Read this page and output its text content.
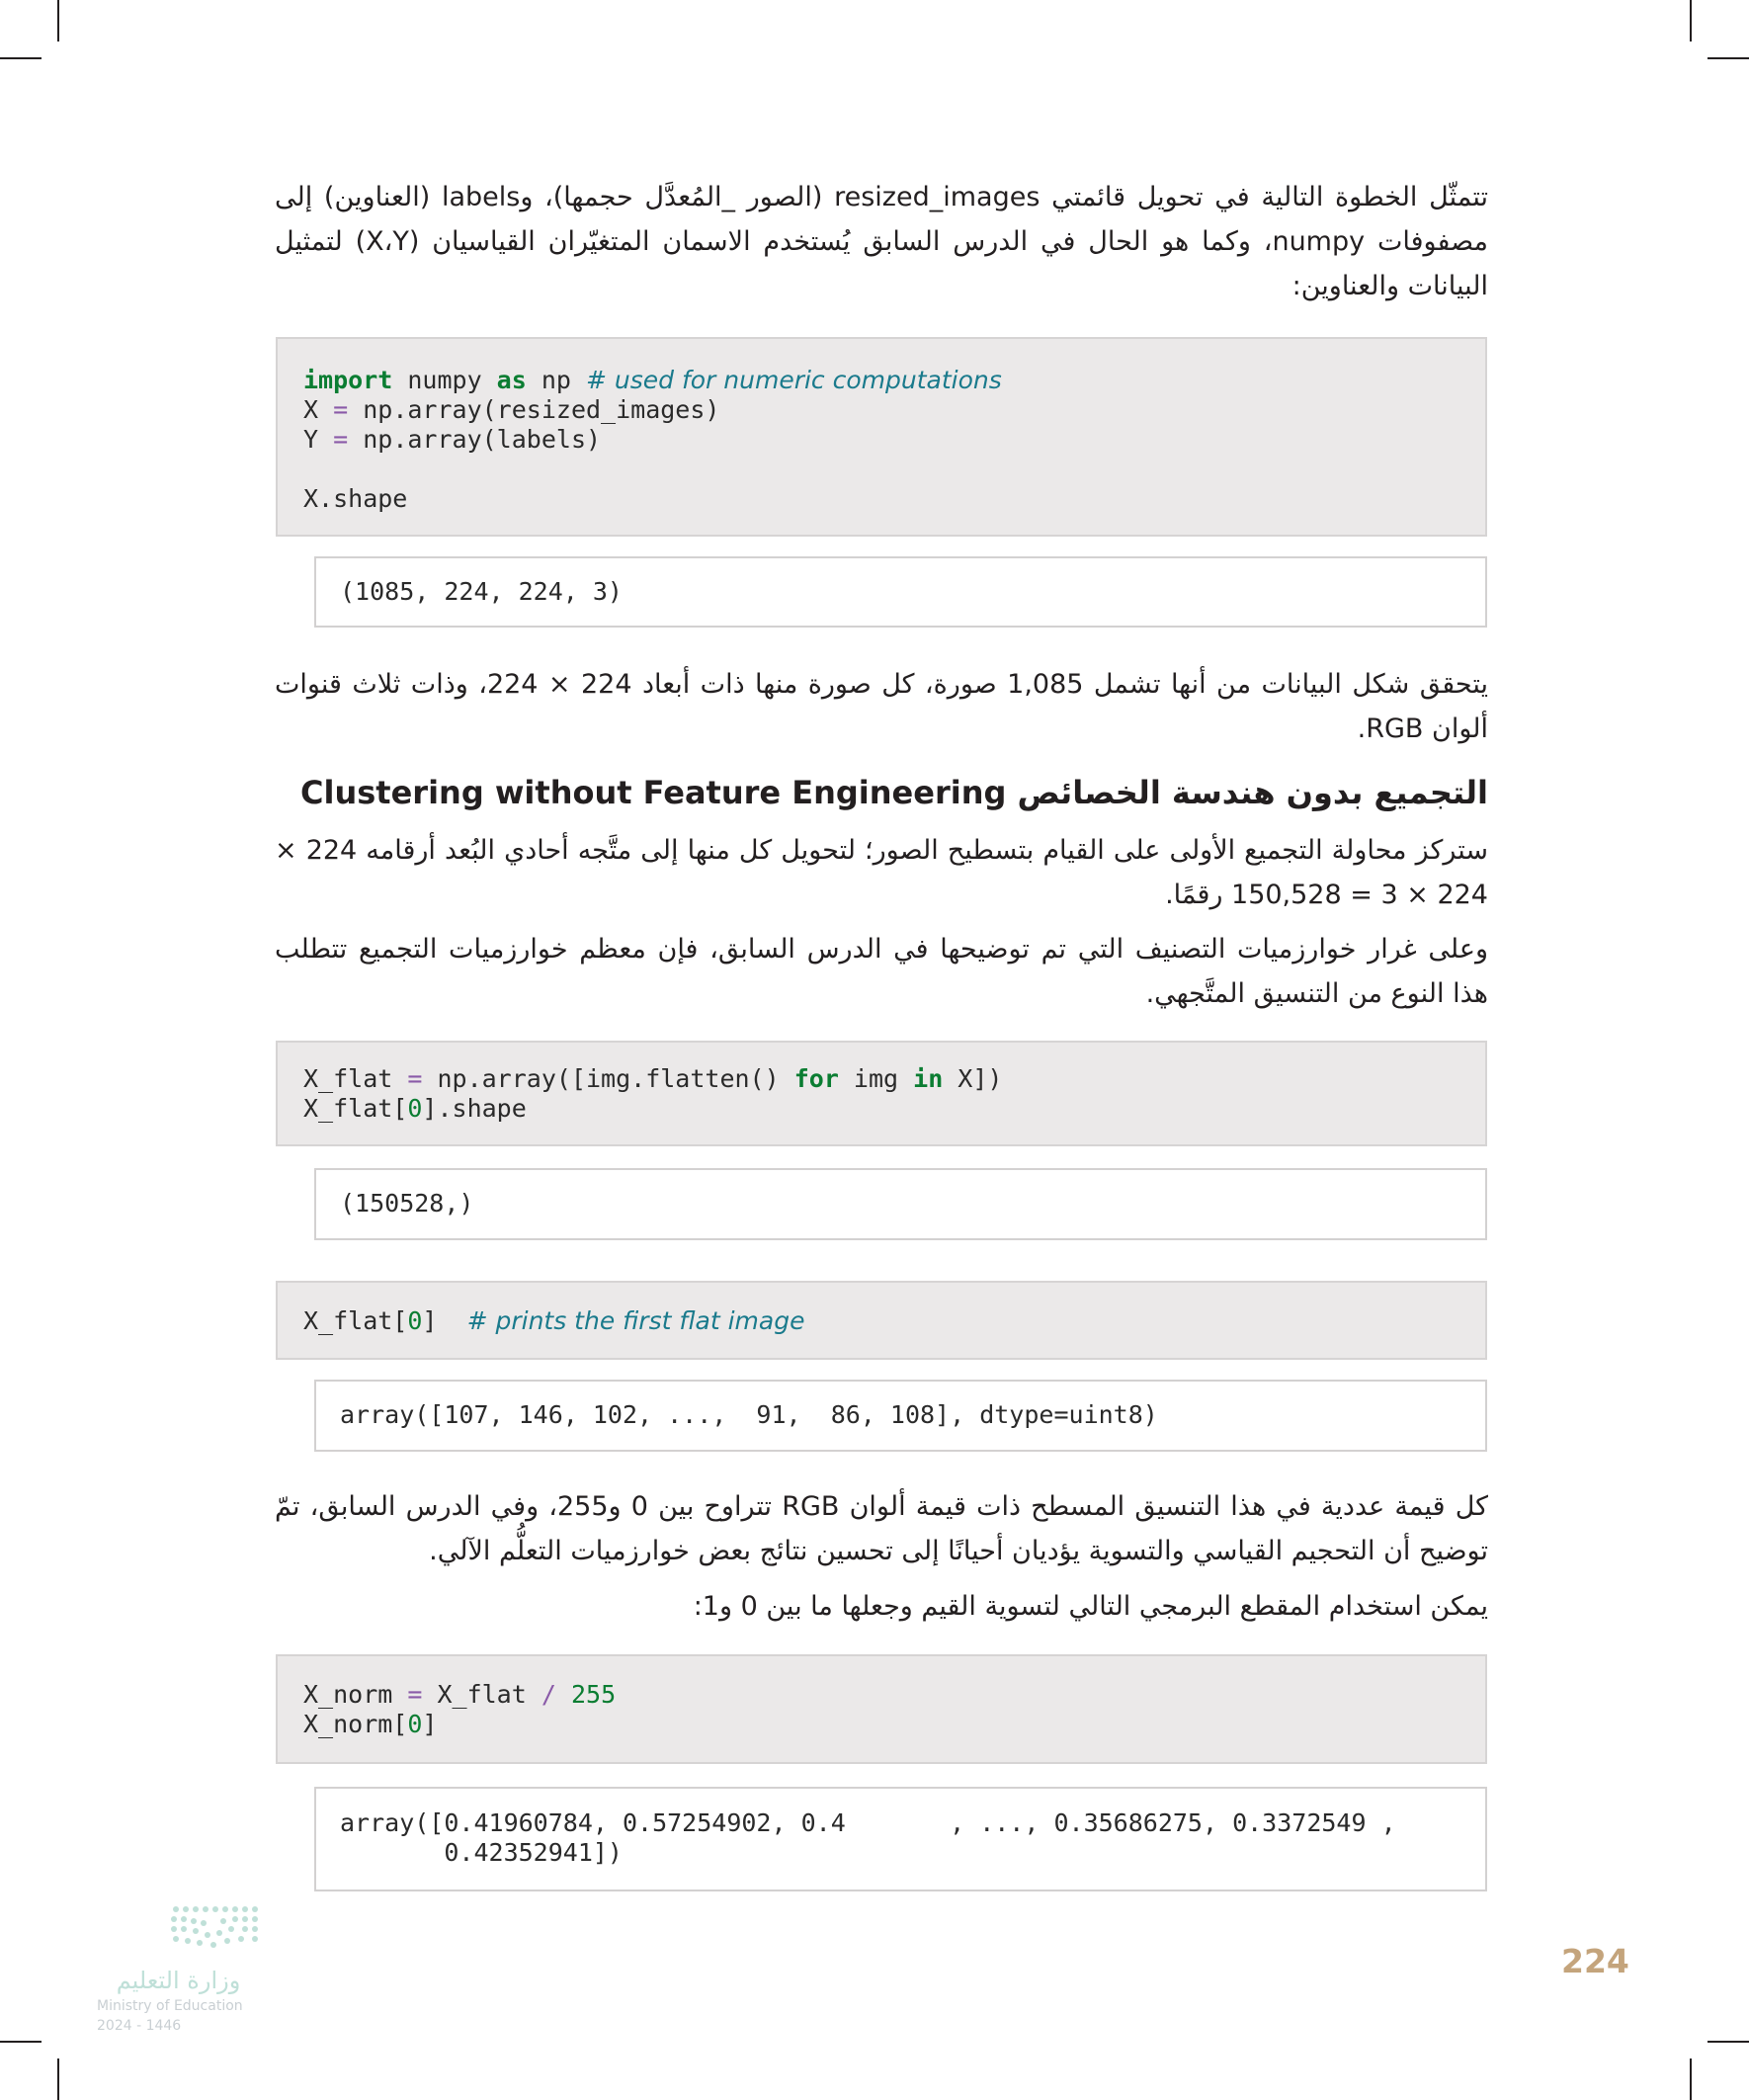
تتمثّل الخطوة التالية في تحويل قائمتي resized_images (الصور _المُعدَّل حجمها)، وlabels (العناوين) إلى مصفوفات numpy، وكما هو الحال في الدرس السابق يُستخدم الاسمان المتغيّران القياسيان (X،Y) لتمثيل البيانات والعناوين:
import numpy as np # used for numeric computations
X = np.array(resized_images)
Y = np.array(labels)
X.shape
(1085, 224, 224, 3)
يتحقق شكل البيانات من أنها تشمل 1,085 صورة، كل صورة منها ذات أبعاد 224 × 224، وذات ثلاث قنوات ألوان RGB.
التجميع بدون هندسة الخصائص Clustering without Feature Engineering
ستركز محاولة التجميع الأولى على القيام بتسطيح الصور؛ لتحويل كل منها إلى متَّجه أحادي البُعد أرقامه 224 × 224 × 3 = 150,528 رقمًا.
وعلى غرار خوارزميات التصنيف التي تم توضيحها في الدرس السابق، فإن معظم خوارزميات التجميع تتطلب هذا النوع من التنسيق المتَّجهي.
X_flat = np.array([img.flatten() for img in X])
X_flat[0].shape
(150528,)
X_flat[0]  # prints the first flat image
array([107, 146, 102, ...,  91,  86, 108], dtype=uint8)
كل قيمة عددية في هذا التنسيق المسطح ذات قيمة ألوان RGB تتراوح بين 0 و255، وفي الدرس السابق، تمّ توضيح أن التحجيم القياسي والتسوية يؤديان أحيانًا إلى تحسين نتائج بعض خوارزميات التعلُّم الآلي.
يمكن استخدام المقطع البرمجي التالي لتسوية القيم وجعلها ما بين 0 و1:
X_norm = X_flat / 255
X_norm[0]
array([0.41960784, 0.57254902, 0.4       , ..., 0.35686275, 0.3372549 ,
0.42352941])
وزارة التعليم
Ministry of Education
2024 - 1446
224
